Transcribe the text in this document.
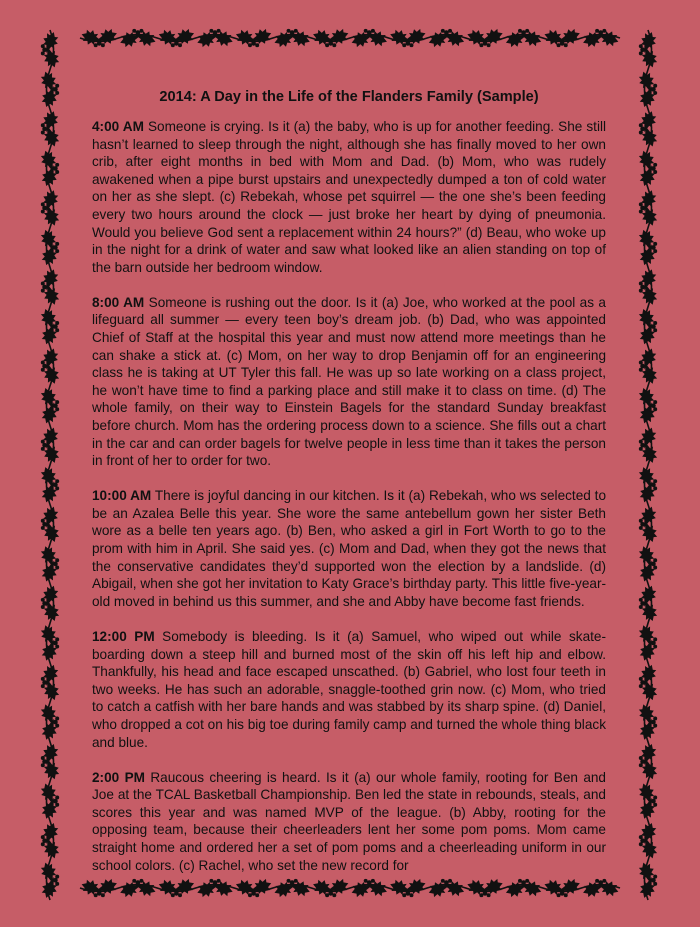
2014: A Day in the Life of the Flanders Family (Sample)

4:00 AM Someone is crying. Is it (a) the baby, who is up for another feeding. She still hasn’t learned to sleep through the night, although she has finally moved to her own crib, after eight months in bed with Mom and Dad. (b) Mom, who was rudely awakened when a pipe burst upstairs and unexpectedly dumped a ton of cold water on her as she slept. (c) Rebekah, whose pet squirrel — the one she’s been feeding every two hours around the clock — just broke her heart by dying of pneumonia. Would you believe God sent a replacement within 24 hours?” (d) Beau, who woke up in the night for a drink of water and saw what looked like an alien standing on top of the barn outside her bedroom window.

8:00 AM Someone is rushing out the door. Is it (a) Joe, who worked at the pool as a lifeguard all summer — every teen boy’s dream job. (b) Dad, who was appointed Chief of Staff at the hospital this year and must now attend more meetings than he can shake a stick at. (c) Mom, on her way to drop Benjamin off for an engineering class he is taking at UT Tyler this fall. He was up so late working on a class project, he won’t have time to find a parking place and still make it to class on time. (d) The whole family, on their way to Einstein Bagels for the standard Sunday breakfast before church. Mom has the ordering process down to a science. She fills out a chart in the car and can order bagels for twelve people in less time than it takes the person in front of her to order for two.

10:00 AM There is joyful dancing in our kitchen. Is it (a) Rebekah, who ws selected to be an Azalea Belle this year. She wore the same antebellum gown her sister Beth wore as a belle ten years ago. (b) Ben, who asked a girl in Fort Worth to go to the prom with him in April. She said yes. (c) Mom and Dad, when they got the news that the conservative candidates they’d supported won the election by a landslide. (d) Abigail, when she got her invitation to Katy Grace’s birthday party. This little five-year-old moved in behind us this summer, and she and Abby have become fast friends.

12:00 PM Somebody is bleeding. Is it (a) Samuel, who wiped out while skate-boarding down a steep hill and burned most of the skin off his left hip and elbow. Thankfully, his head and face escaped unscathed. (b) Gabriel, who lost four teeth in two weeks. He has such an adorable, snaggle-toothed grin now. (c) Mom, who tried to catch a catfish with her bare hands and was stabbed by its sharp spine. (d) Daniel, who dropped a cot on his big toe during family camp and turned the whole thing black and blue.

2:00 PM Raucous cheering is heard. Is it (a) our whole family, rooting for Ben and Joe at the TCAL Basketball Championship. Ben led the state in rebounds, steals, and scores this year and was named MVP of the league. (b) Abby, rooting for the opposing team, because their cheerleaders lent her some pom poms. Mom came straight home and ordered her a set of pom poms and a cheerleading uniform in our school colors. (c) Rachel, who set the new record for
